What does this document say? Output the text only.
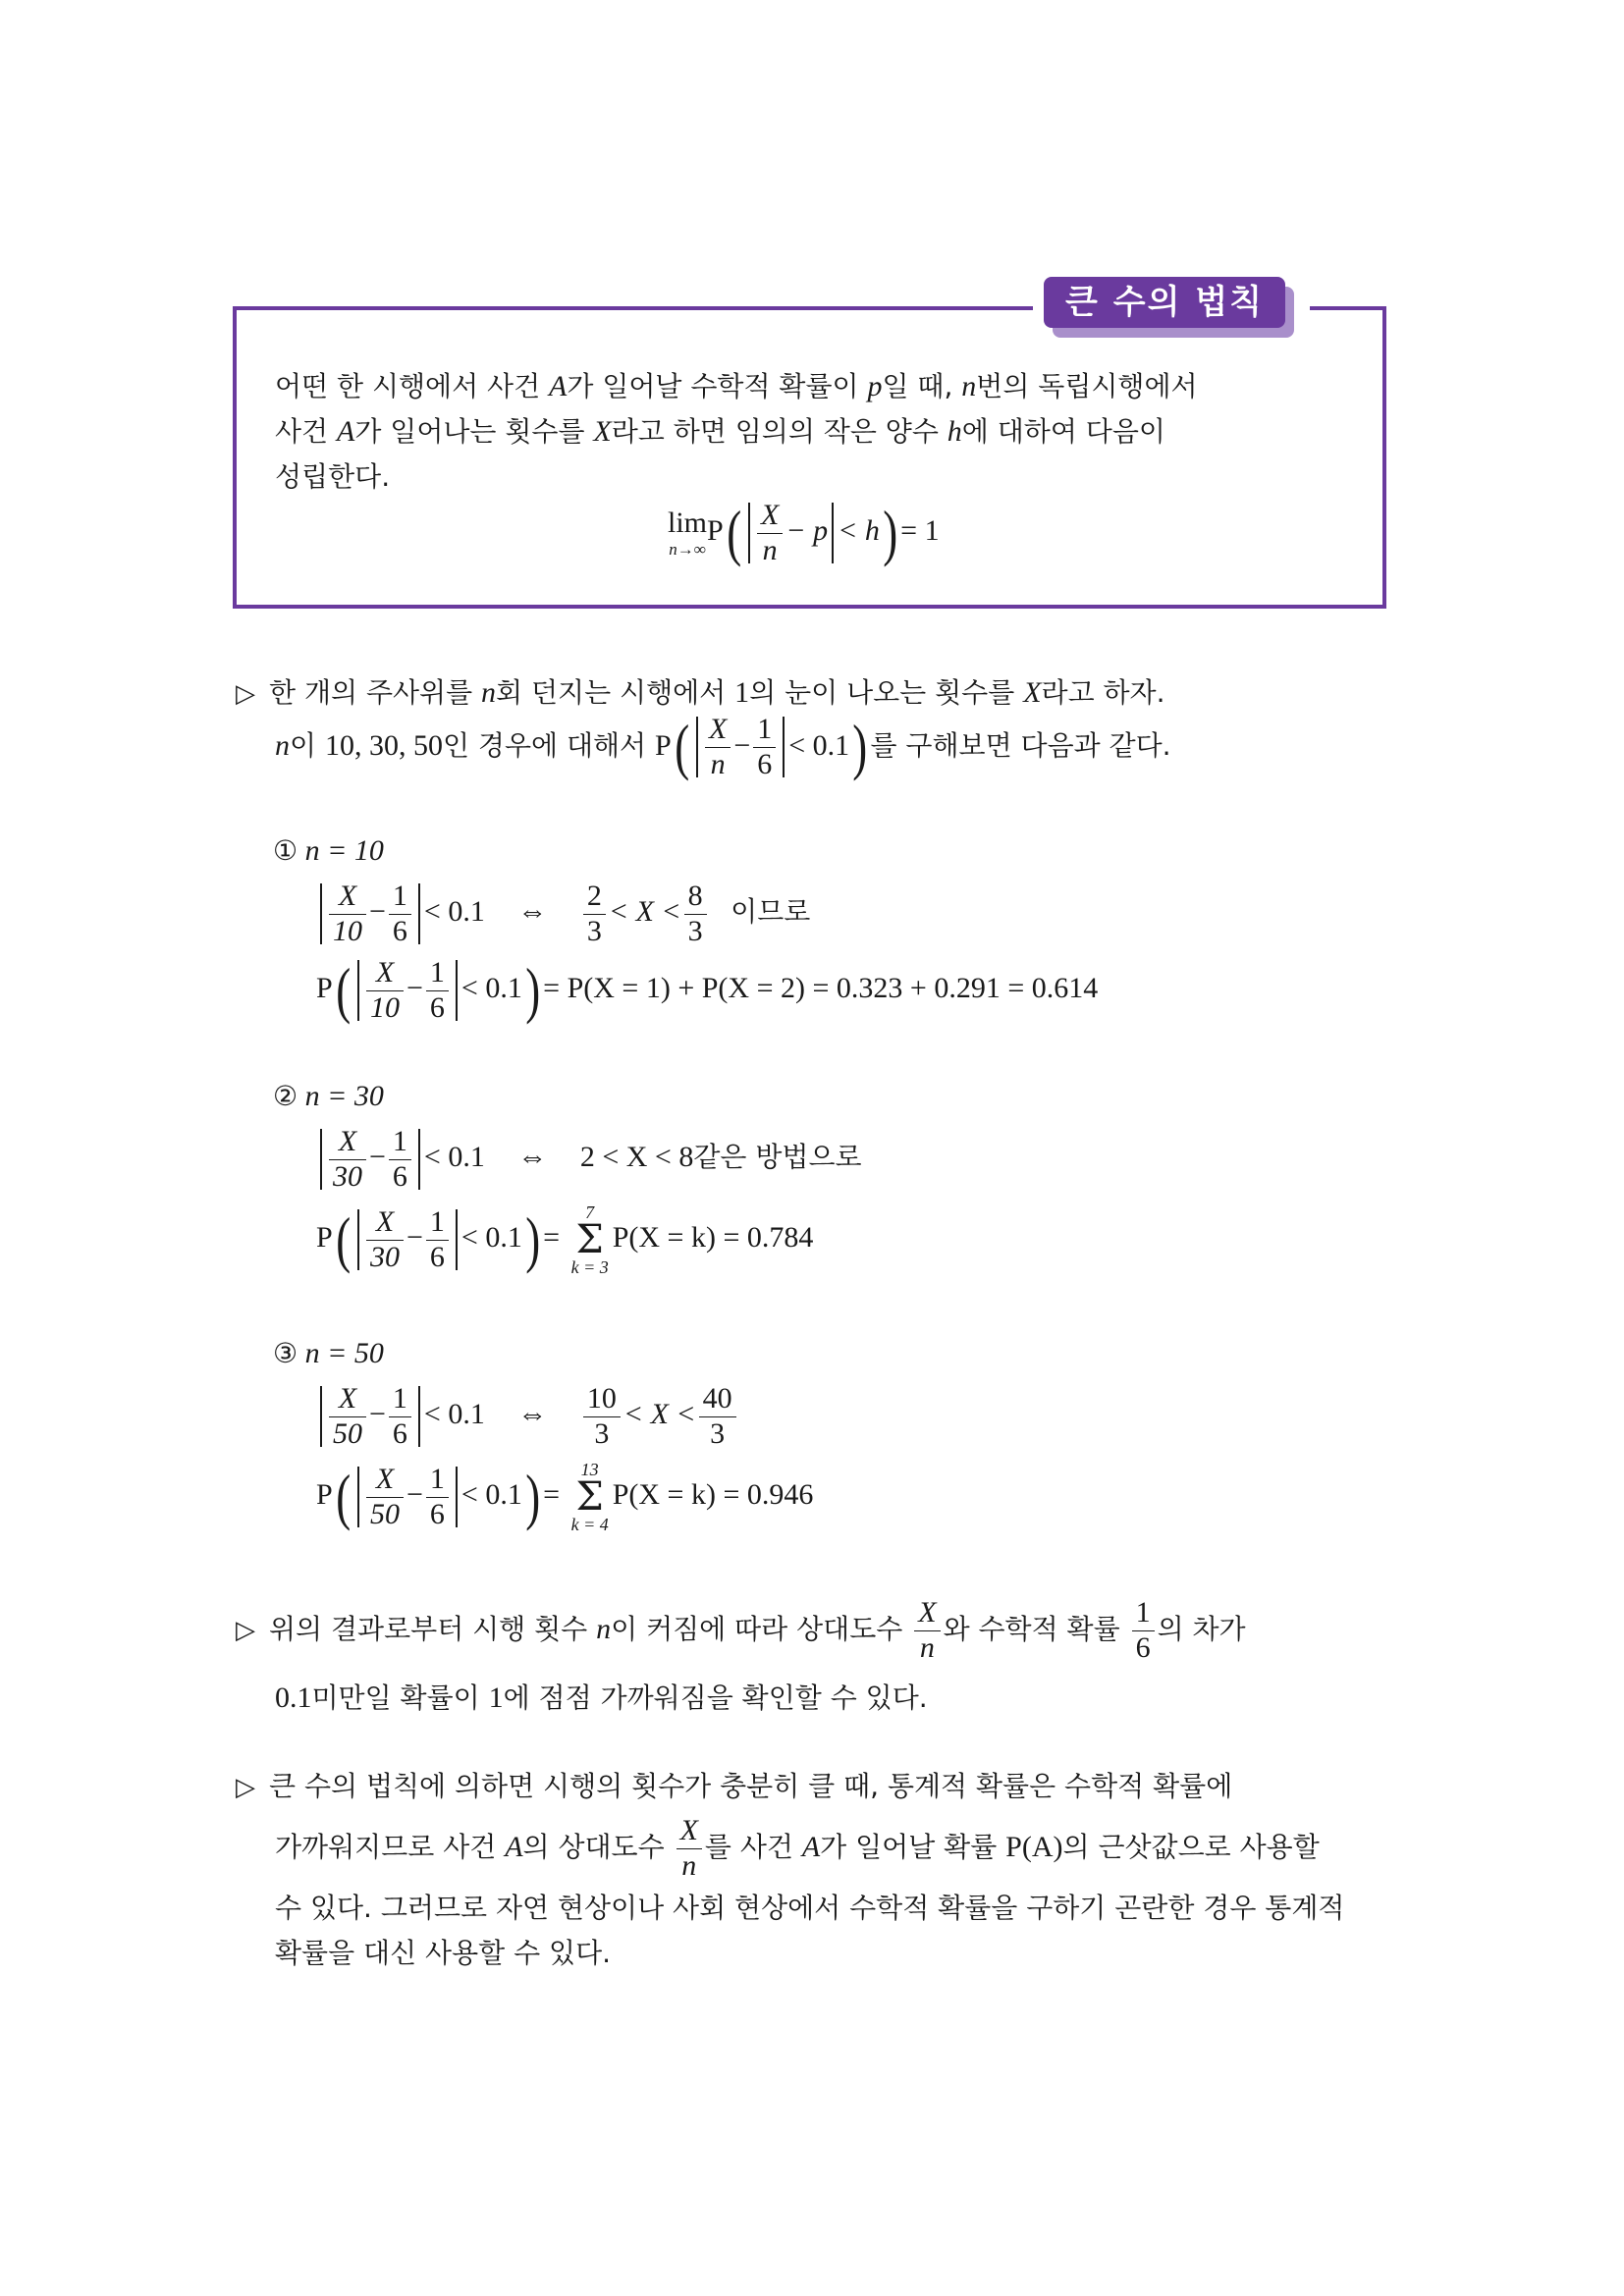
큰 수의 법칙
어떤 한 시행에서 사건 A가 일어날 수학적 확률이 p일 때, n번의 독립시행에서
사건 A가 일어나는 횟수를 X라고 하면 임의의 작은 양수 h에 대하여 다음이
성립한다.
lim
n→∞
$P( \frac{X}{n} - p < h) = 1$
▷ 한 개의 주사위를 n회 던지는 시행에서 1의 눈이 나오는 횟수를 X라고 하자.
n이 10, 30, 50인 경우에 대해서 $P( \frac{X}{n} - \frac{1}{6} < 0.1)$ 를 구해보면 다음과 같다.
① n = 10
$\frac{X}{10} - \frac{1}{6} < 0.1$ ⇔ $\frac{2}{3} < X < \frac{8}{3}$ 이므로
$P( \frac{X}{10} - \frac{1}{6} < 0.1) = P(X = 1) + P(X = 2) = 0.323 + 0.291 = 0.614$
② n = 30
$\frac{X}{30} - \frac{1}{6} < 0.1$ ⇔ 2 < X < 8같은 방법으로
$P( \frac{X}{30} - \frac{1}{6} < 0.1)$ =
7
Σ
k = 3
P(X = k) = 0.784
③ n = 50
$\frac{X}{50} - \frac{1}{6} < 0.1$ ⇔ $\frac{10}{3} < X < \frac{40}{3}$
$P( \frac{X}{50} - \frac{1}{6} < 0.1)$ =
13
Σ
k = 4
P(X = k) = 0.946
▷ 위의 결과로부터 시행 횟수 n이 커짐에 따라 상대도수 $\frac{X}{n}$ 와 수학적 확률 $\frac{1}{6}$ 의 차가
0.1미만일 확률이 1에 점점 가까워짐을 확인할 수 있다.
▷ 큰 수의 법칙에 의하면 시행의 횟수가 충분히 클 때, 통계적 확률은 수학적 확률에
가까워지므로 사건 A의 상대도수 $\frac{X}{n}$ 를 사건 A가 일어날 확률 P(A)의 근삿값으로 사용할
수 있다. 그러므로 자연 현상이나 사회 현상에서 수학적 확률을 구하기 곤란한 경우 통계적
확률을 대신 사용할 수 있다.
